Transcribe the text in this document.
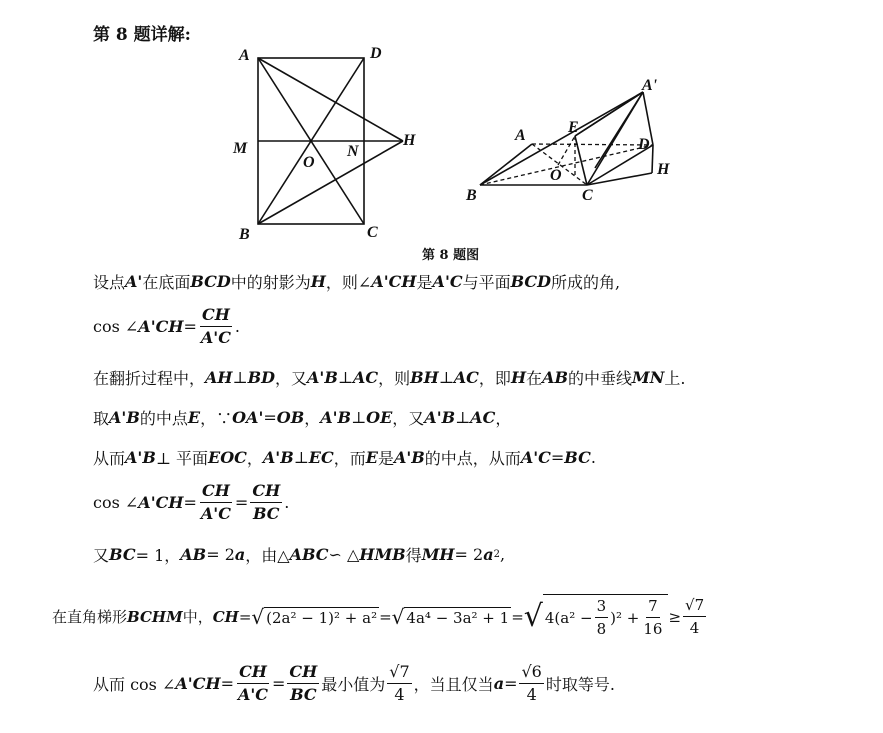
第 8 题详解:
A	D
M
O
N
H
B	C
A'
A	E
D
O	H
B	C
第 8 题图
设点 A' 在底面 BCD 中的射影为 H ，则∠ A'CH 是 A'C 与平面 BCD 所成的角,
cos ∠ $A'CH = \frac{CH}{A'C}$ .
在翻折过程中， AH ⊥ BD ，又 A'B ⊥ AC ，则 BH ⊥ AC ，即 H 在 AB 的中垂线 MN 上.
取 A'B 的中点 E ，∵ OA' = OB ， A'B ⊥ OE ，又 A'B ⊥ AC ，
从而 A'B ⊥ 平面 EOC ， A'B ⊥ EC ，而 E 是 A'B 的中点，从而 A'C = BC .
cos ∠ $A'CH = \frac{CH}{A'C} = \frac{CH}{BC}$ .
又 BC = 1， AB = 2 a ，由△ ABC ∽ △ HMB 得 MH = 2 a 2 ,
在直角梯形 BCHM 中， CH = √ (2a² − 1)² + a² = √ 4a⁴ − 3a² + 1 = √ $4(a^2 - \frac{3}{8} )^2 + \frac{7}{16} \ge \frac{√7}{4}$
从而 cos ∠ $A'CH = \frac{CH}{A'C} = \frac{CH}{BC}$ 最小值为 $\frac{√7}{4}$ ，当且仅当 $a = \frac{√6}{4}$ 时取等号.
